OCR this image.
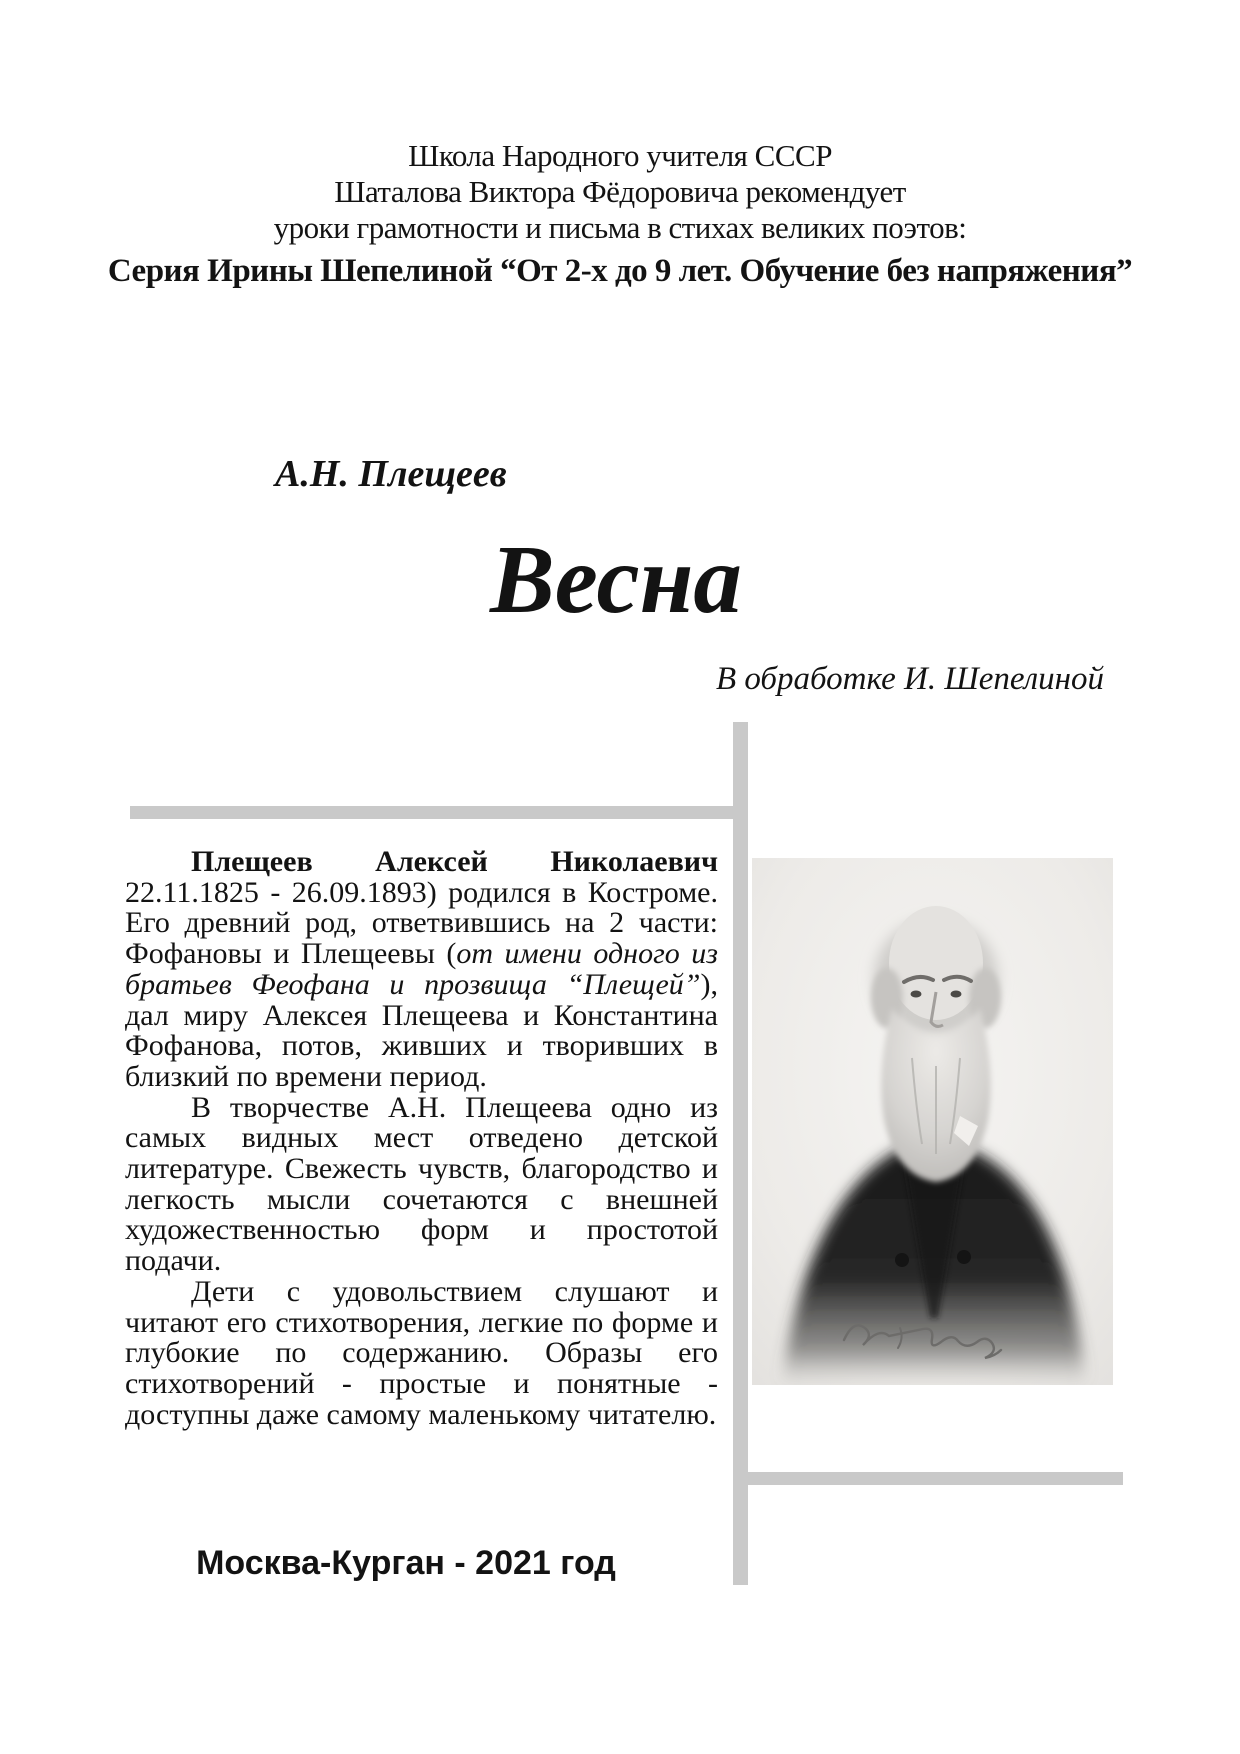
Школа Народного учителя СССР
Шаталова Виктора Фёдоровича рекомендует
уроки грамотности и письма в стихах великих поэтов:
Серия Ирины Шепелиной “От 2-х до 9 лет. Обучение без напряжения”
А.Н. Плещеев
Весна
В обработке И. Шепелиной

Плещеев Алексей Николаевич 22.11.1825 - 26.09.1893) родился в Костроме. Его древний род, ответвившись на 2 части: Фофановы и Плещеевы (от имени одного из братьев Феофана и прозвища “Плещей”), дал миру Алексея Плещеева и Константина Фофанова, потов, живших и творивших в близкий по времени период.

В творчестве А.Н. Плещеева одно из самых видных мест отведено детской литературе. Свежесть чувств, благородство и легкость мысли сочетаются с внешней художественностью форм и простотой подачи.

Дети с удовольствием слушают и читают его стихотворения, легкие по форме и глубокие по содержанию. Образы его стихотворений - простые и понятные - доступны даже самому маленькому читателю.

Москва-Курган - 2021 год
